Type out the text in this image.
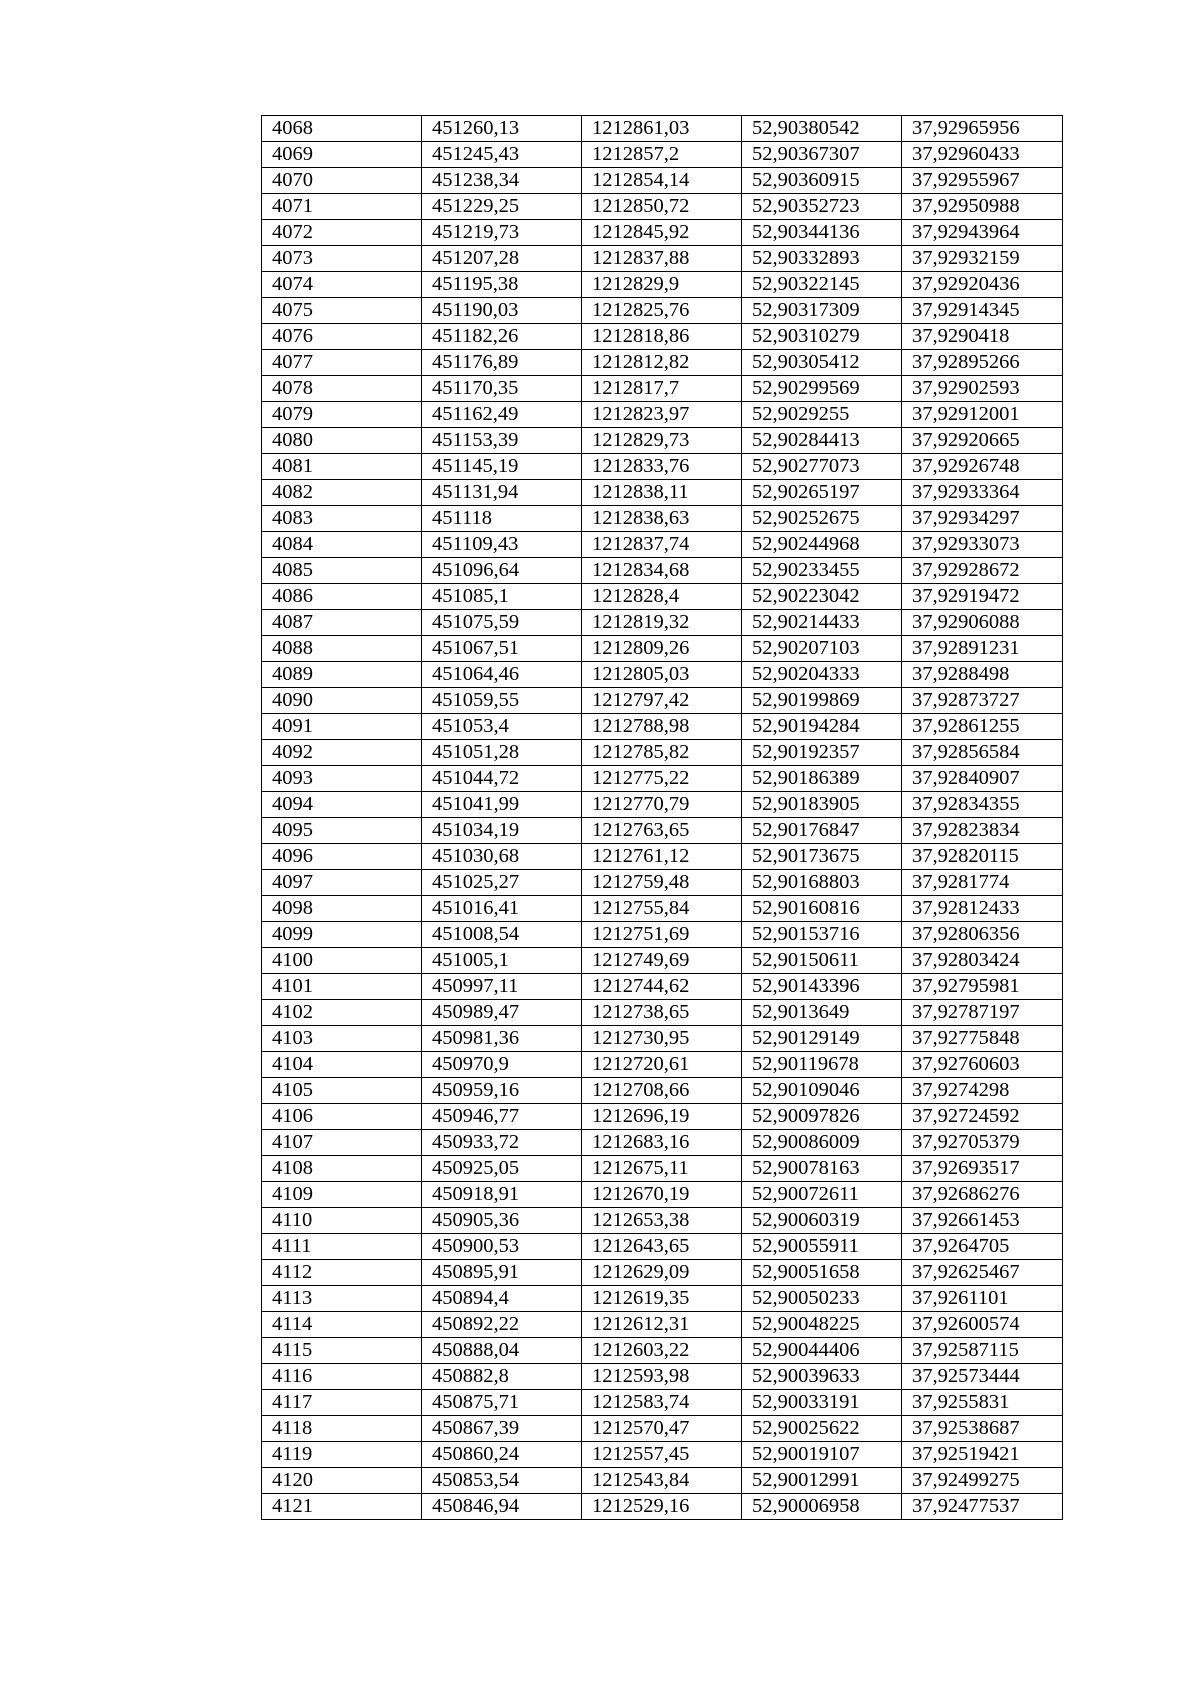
4068	451260,13	1212861,03	52,90380542	37,92965956
4069	451245,43	1212857,2	52,90367307	37,92960433
4070	451238,34	1212854,14	52,90360915	37,92955967
4071	451229,25	1212850,72	52,90352723	37,92950988
4072	451219,73	1212845,92	52,90344136	37,92943964
4073	451207,28	1212837,88	52,90332893	37,92932159
4074	451195,38	1212829,9	52,90322145	37,92920436
4075	451190,03	1212825,76	52,90317309	37,92914345
4076	451182,26	1212818,86	52,90310279	37,9290418
4077	451176,89	1212812,82	52,90305412	37,92895266
4078	451170,35	1212817,7	52,90299569	37,92902593
4079	451162,49	1212823,97	52,9029255	37,92912001
4080	451153,39	1212829,73	52,90284413	37,92920665
4081	451145,19	1212833,76	52,90277073	37,92926748
4082	451131,94	1212838,11	52,90265197	37,92933364
4083	451118	1212838,63	52,90252675	37,92934297
4084	451109,43	1212837,74	52,90244968	37,92933073
4085	451096,64	1212834,68	52,90233455	37,92928672
4086	451085,1	1212828,4	52,90223042	37,92919472
4087	451075,59	1212819,32	52,90214433	37,92906088
4088	451067,51	1212809,26	52,90207103	37,92891231
4089	451064,46	1212805,03	52,90204333	37,9288498
4090	451059,55	1212797,42	52,90199869	37,92873727
4091	451053,4	1212788,98	52,90194284	37,92861255
4092	451051,28	1212785,82	52,90192357	37,92856584
4093	451044,72	1212775,22	52,90186389	37,92840907
4094	451041,99	1212770,79	52,90183905	37,92834355
4095	451034,19	1212763,65	52,90176847	37,92823834
4096	451030,68	1212761,12	52,90173675	37,92820115
4097	451025,27	1212759,48	52,90168803	37,9281774
4098	451016,41	1212755,84	52,90160816	37,92812433
4099	451008,54	1212751,69	52,90153716	37,92806356
4100	451005,1	1212749,69	52,90150611	37,92803424
4101	450997,11	1212744,62	52,90143396	37,92795981
4102	450989,47	1212738,65	52,9013649	37,92787197
4103	450981,36	1212730,95	52,90129149	37,92775848
4104	450970,9	1212720,61	52,90119678	37,92760603
4105	450959,16	1212708,66	52,90109046	37,9274298
4106	450946,77	1212696,19	52,90097826	37,92724592
4107	450933,72	1212683,16	52,90086009	37,92705379
4108	450925,05	1212675,11	52,90078163	37,92693517
4109	450918,91	1212670,19	52,90072611	37,92686276
4110	450905,36	1212653,38	52,90060319	37,92661453
4111	450900,53	1212643,65	52,90055911	37,9264705
4112	450895,91	1212629,09	52,90051658	37,92625467
4113	450894,4	1212619,35	52,90050233	37,9261101
4114	450892,22	1212612,31	52,90048225	37,92600574
4115	450888,04	1212603,22	52,90044406	37,92587115
4116	450882,8	1212593,98	52,90039633	37,92573444
4117	450875,71	1212583,74	52,90033191	37,9255831
4118	450867,39	1212570,47	52,90025622	37,92538687
4119	450860,24	1212557,45	52,90019107	37,92519421
4120	450853,54	1212543,84	52,90012991	37,92499275
4121	450846,94	1212529,16	52,90006958	37,92477537
